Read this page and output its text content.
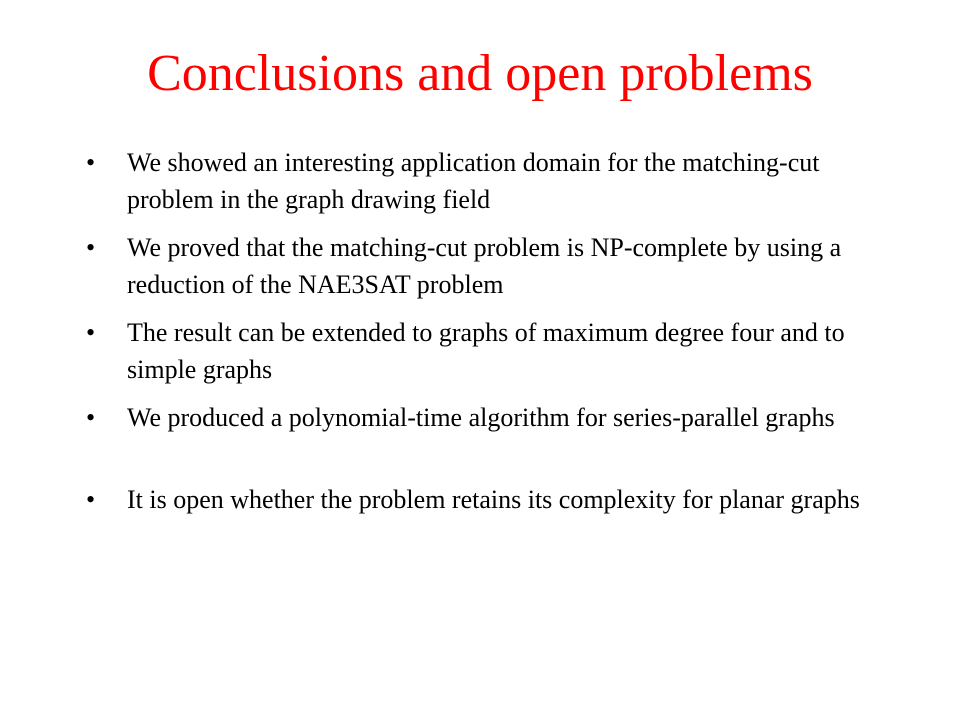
Conclusions and open problems
•	We showed an interesting application domain for the matching-cut problem in the graph drawing field
•	We proved that the matching-cut problem is NP-complete by using a reduction of the NAE3SAT problem
•	The result can be extended to graphs of maximum degree four and to simple graphs
•	We produced a polynomial-time algorithm for series-parallel graphs
•	It is open whether the problem retains its complexity for planar graphs
